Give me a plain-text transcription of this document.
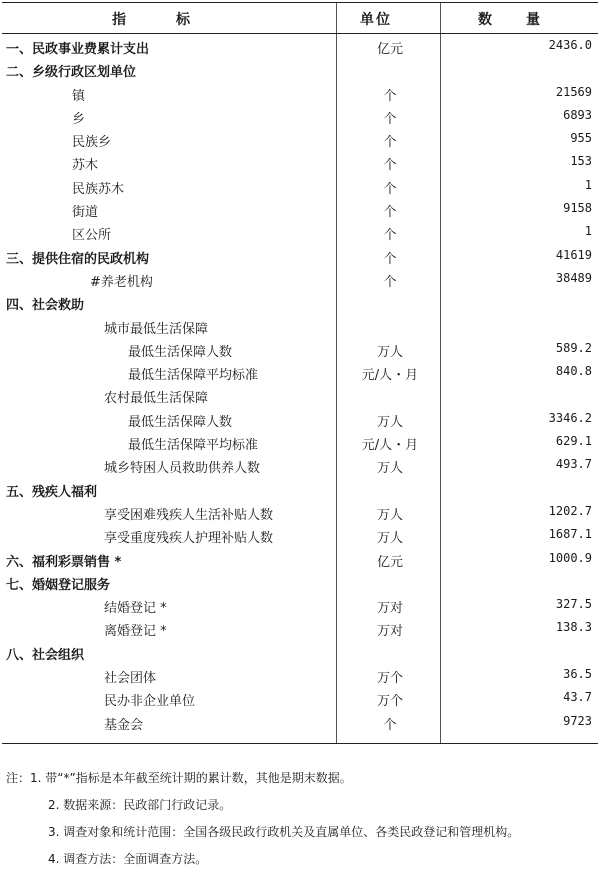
指　　　标	单位	数　　量
一、民政事业费累计支出	亿元	2436.0
二、乡级行政区划单位
镇	个	21569
乡	个	6893
民族乡	个	955
苏木	个	153
民族苏木	个	1
街道	个	9158
区公所	个	1
三、提供住宿的民政机构	个	41619
#养老机构	个	38489
四、社会救助
城市最低生活保障
最低生活保障人数	万人	589.2
最低生活保障平均标准	元/人・月	840.8
农村最低生活保障
最低生活保障人数	万人	3346.2
最低生活保障平均标准	元/人・月	629.1
城乡特困人员救助供养人数	万人	493.7
五、残疾人福利
享受困难残疾人生活补贴人数	万人	1202.7
享受重度残疾人护理补贴人数	万人	1687.1
六、福利彩票销售 *	亿元	1000.9
七、婚姻登记服务
结婚登记 *	万对	327.5
离婚登记 *	万对	138.3
八、社会组织
社会团体	万个	36.5
民办非企业单位	万个	43.7
基金会	个	9723
注：1. 带“*”指标是本年截至统计期的累计数，其他是期末数据。
2. 数据来源：民政部门行政记录。
3. 调查对象和统计范围：全国各级民政行政机关及直属单位、各类民政登记和管理机构。
4. 调查方法：全面调查方法。
